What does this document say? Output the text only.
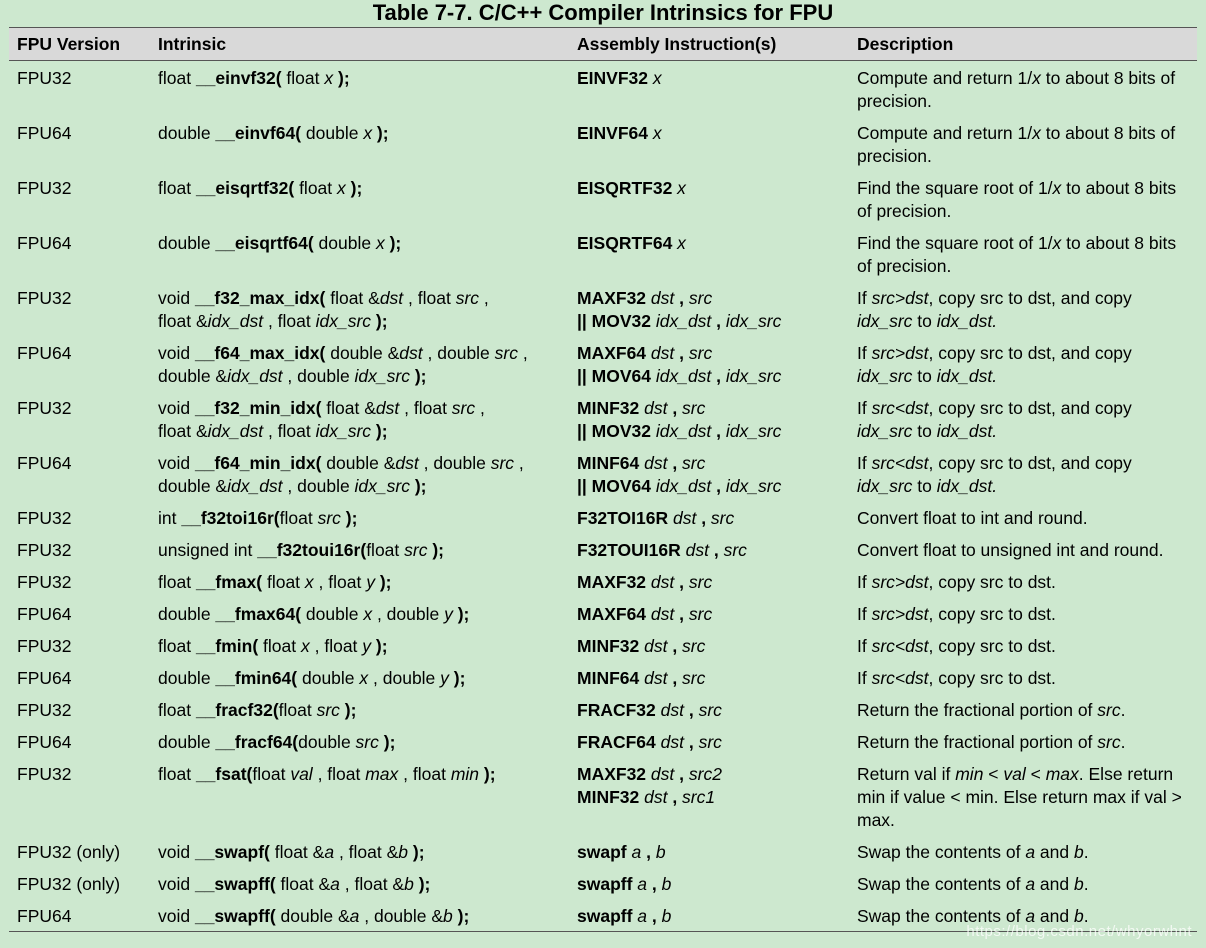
Table 7-7. C/C++ Compiler Intrinsics for FPU
FPU Version	Intrinsic	Assembly Instruction(s)	Description
FPU32	float __einvf32( float x );	EINVF32 x	Compute and return 1/x to about 8 bits of precision.
FPU64	double __einvf64( double x );	EINVF64 x	Compute and return 1/x to about 8 bits of precision.
FPU32	float __eisqrtf32( float x );	EISQRTF32 x	Find the square root of 1/x to about 8 bits of precision.
FPU64	double __eisqrtf64( double x );	EISQRTF64 x	Find the square root of 1/x to about 8 bits of precision.
FPU32	void __f32_max_idx( float &dst , float src ,
float &idx_dst , float idx_src );	MAXF32 dst , src
|| MOV32 idx_dst , idx_src	If src>dst, copy src to dst, and copy idx_src to idx_dst.
FPU64	void __f64_max_idx( double &dst , double src ,
double &idx_dst , double idx_src );	MAXF64 dst , src
|| MOV64 idx_dst , idx_src	If src>dst, copy src to dst, and copy idx_src to idx_dst.
FPU32	void __f32_min_idx( float &dst , float src ,
float &idx_dst , float idx_src );	MINF32 dst , src
|| MOV32 idx_dst , idx_src	If src<dst, copy src to dst, and copy idx_src to idx_dst.
FPU64	void __f64_min_idx( double &dst , double src ,
double &idx_dst , double idx_src );	MINF64 dst , src
|| MOV64 idx_dst , idx_src	If src<dst, copy src to dst, and copy idx_src to idx_dst.
FPU32	int __f32toi16r(float src );	F32TOI16R dst , src	Convert float to int and round.
FPU32	unsigned int __f32toui16r(float src );	F32TOUI16R dst , src	Convert float to unsigned int and round.
FPU32	float __fmax( float x , float y );	MAXF32 dst , src	If src>dst, copy src to dst.
FPU64	double __fmax64( double x , double y );	MAXF64 dst , src	If src>dst, copy src to dst.
FPU32	float __fmin( float x , float y );	MINF32 dst , src	If src<dst, copy src to dst.
FPU64	double __fmin64( double x , double y );	MINF64 dst , src	If src<dst, copy src to dst.
FPU32	float __fracf32(float src );	FRACF32 dst , src	Return the fractional portion of src.
FPU64	double __fracf64(double src );	FRACF64 dst , src	Return the fractional portion of src.
FPU32	float __fsat(float val , float max , float min );	MAXF32 dst , src2
MINF32 dst , src1	Return val if min < val < max. Else return min if value < min. Else return max if val > max.
FPU32 (only)	void __swapf( float &a , float &b );	swapf a , b	Swap the contents of a and b.
FPU32 (only)	void __swapff( float &a , float &b );	swapff a , b	Swap the contents of a and b.
FPU64	void __swapff( double &a , double &b );	swapff a , b	Swap the contents of a and b.
https://blog.csdn.net/whyorwhnt
